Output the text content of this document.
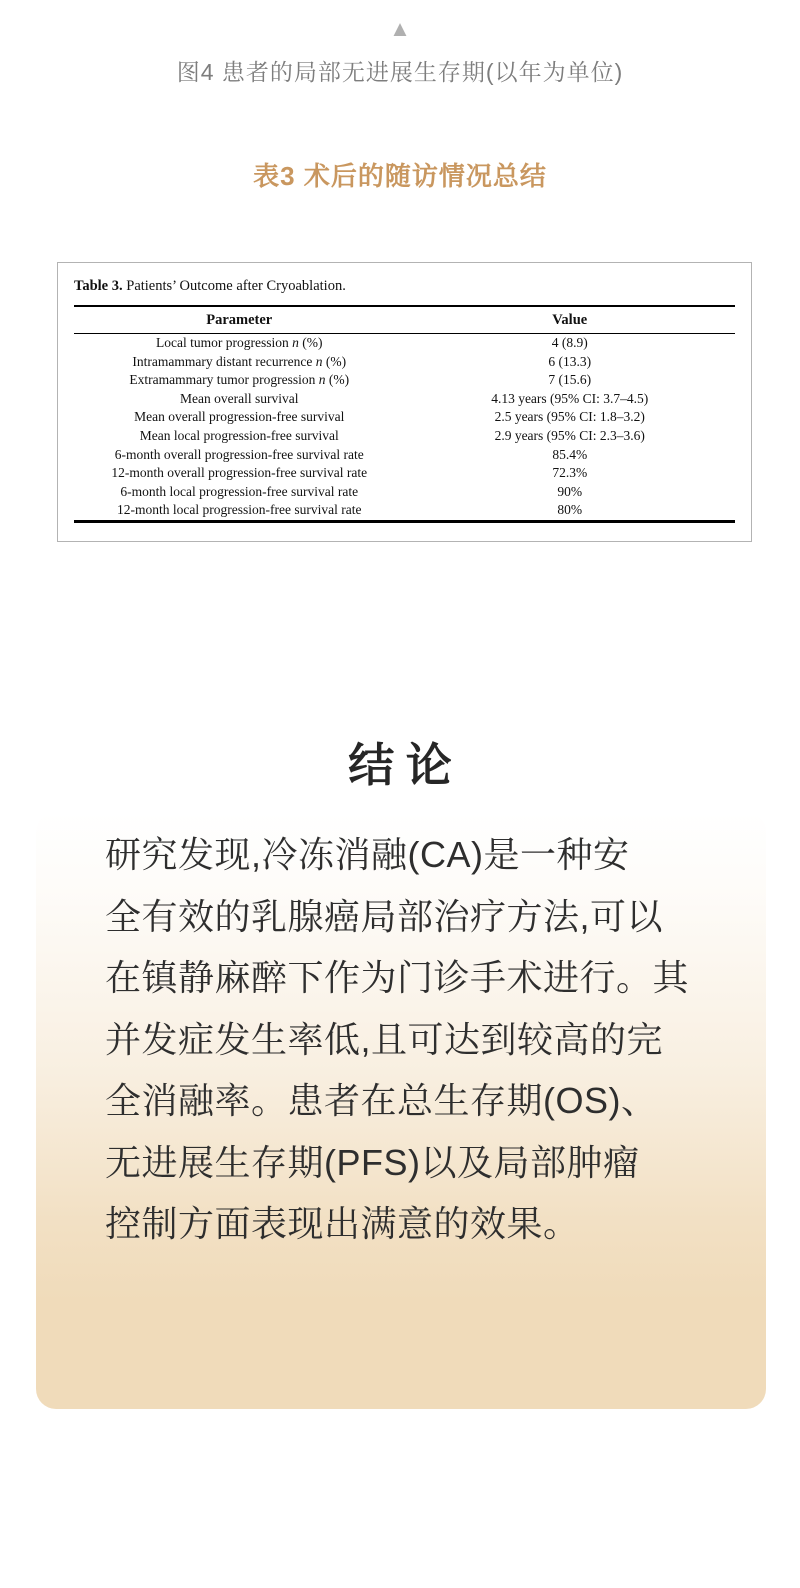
▲
图4 患者的局部无进展生存期(以年为单位)
表3 术后的随访情况总结
Table 3. Patients’ Outcome after Cryoablation.
Parameter	Value
Local tumor progression n (%)	4 (8.9)
Intramammary distant recurrence n (%)	6 (13.3)
Extramammary tumor progression n (%)	7 (15.6)
Mean overall survival	4.13 years (95% CI: 3.7–4.5)
Mean overall progression-free survival	2.5 years (95% CI: 1.8–3.2)
Mean local progression-free survival	2.9 years (95% CI: 2.3–3.6)
6-month overall progression-free survival rate	85.4%
12-month overall progression-free survival rate	72.3%
6-month local progression-free survival rate	90%
12-month local progression-free survival rate	80%
结 论
研究发现,冷冻消融(CA)是一种安
全有效的乳腺癌局部治疗方法,可以
在镇静麻醉下作为门诊手术进行。其
并发症发生率低,且可达到较高的完
全消融率。患者在总生存期(OS)、
无进展生存期(PFS)以及局部肿瘤
控制方面表现出满意的效果。
